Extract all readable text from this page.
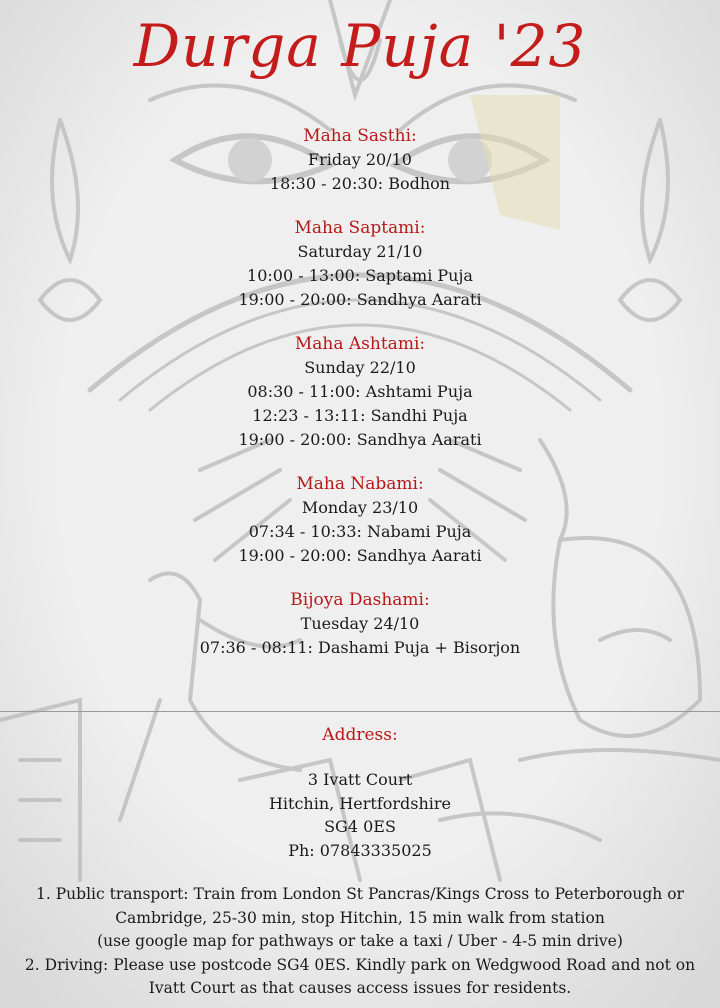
Durga Puja '23
Maha Sasthi:
Friday 20/10
18:30 - 20:30: Bodhon
Maha Saptami:
Saturday 21/10
10:00 - 13:00: Saptami Puja
19:00 - 20:00: Sandhya Aarati
Maha Ashtami:
Sunday 22/10
08:30 - 11:00: Ashtami Puja
12:23 - 13:11: Sandhi Puja
19:00 - 20:00: Sandhya Aarati
Maha Nabami:
Monday 23/10
07:34 - 10:33: Nabami Puja
19:00 - 20:00: Sandhya Aarati
Bijoya Dashami:
Tuesday 24/10
07:36 - 08:11: Dashami Puja + Bisorjon
Address:
3 Ivatt Court
Hitchin, Hertfordshire
SG4 0ES
Ph: 07843335025
1. Public transport: Train from London St Pancras/Kings Cross to Peterborough or
Cambridge, 25-30 min, stop Hitchin, 15 min walk from station
(use google map for pathways or take a taxi / Uber - 4-5 min drive)
2. Driving: Please use postcode SG4 0ES. Kindly park on Wedgwood Road and not on
Ivatt Court as that causes access issues for residents.
